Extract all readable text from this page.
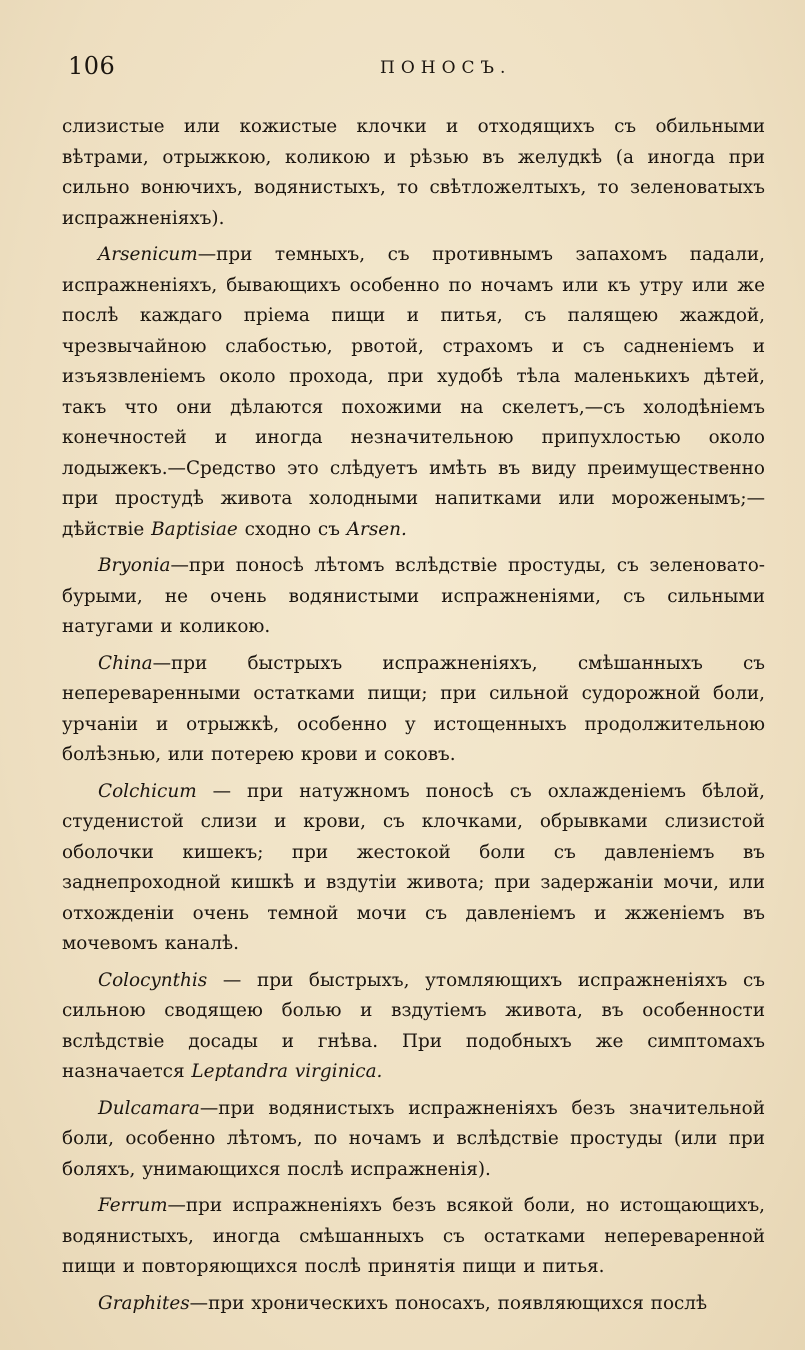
106	ПОНОСЪ.

слизистые или кожистые клочки и отходящихъ съ обильными вѣтрами, отрыжкою, коликою и рѣзью въ желудкѣ (а иногда при сильно вонючихъ, водянистыхъ, то свѣтложелтыхъ, то зеленоватыхъ испражненіяхъ).

Arsenicum—при темныхъ, съ противнымъ запахомъ падали, испражненіяхъ, бывающихъ особенно по ночамъ или къ утру или же послѣ каждаго пріема пищи и питья, съ палящею жаждой, чрезвычайною слабостью, рвотой, страхомъ и съ садненіемъ и изъязвленіемъ около прохода, при худобѣ тѣла маленькихъ дѣтей, такъ что они дѣлаются похожими на скелетъ,—съ холодѣніемъ конечностей и иногда незначительною припухлостью около лодыжекъ.—Средство это слѣдуетъ имѣть въ виду преимущественно при простудѣ живота холодными напитками или мороженымъ;—дѣйствіе Baptisiae сходно съ Arsen.

Bryonia—при поносѣ лѣтомъ вслѣдствіе простуды, съ зеленовато-бурыми, не очень водянистыми испражненіями, съ сильными натугами и коликою.

China—при быстрыхъ испражненіяхъ, смѣшанныхъ съ непереваренными остатками пищи; при сильной судорожной боли, урчаніи и отрыжкѣ, особенно у истощенныхъ продолжительною болѣзнью, или потерею крови и соковъ.

Colchicum — при натужномъ поносѣ съ охлажденіемъ бѣлой, студенистой слизи и крови, съ клочками, обрывками слизистой оболочки кишекъ; при жестокой боли съ давленіемъ въ заднепроходной кишкѣ и вздутіи живота; при задержаніи мочи, или отхожденіи очень темной мочи съ давленіемъ и жженіемъ въ мочевомъ каналѣ.

Colocynthis — при быстрыхъ, утомляющихъ испражненіяхъ съ сильною сводящею болью и вздутіемъ живота, въ особенности вслѣдствіе досады и гнѣва. При подобныхъ же симптомахъ назначается Leptandra virginica.

Dulcamara—при водянистыхъ испражненіяхъ безъ значительной боли, особенно лѣтомъ, по ночамъ и вслѣдствіе простуды (или при боляхъ, унимающихся послѣ испражненія).

Ferrum—при испражненіяхъ безъ всякой боли, но истощающихъ, водянистыхъ, иногда смѣшанныхъ съ остатками непереваренной пищи и повторяющихся послѣ принятія пищи и питья.

Graphites—при хроническихъ поносахъ, появляющихся послѣ
